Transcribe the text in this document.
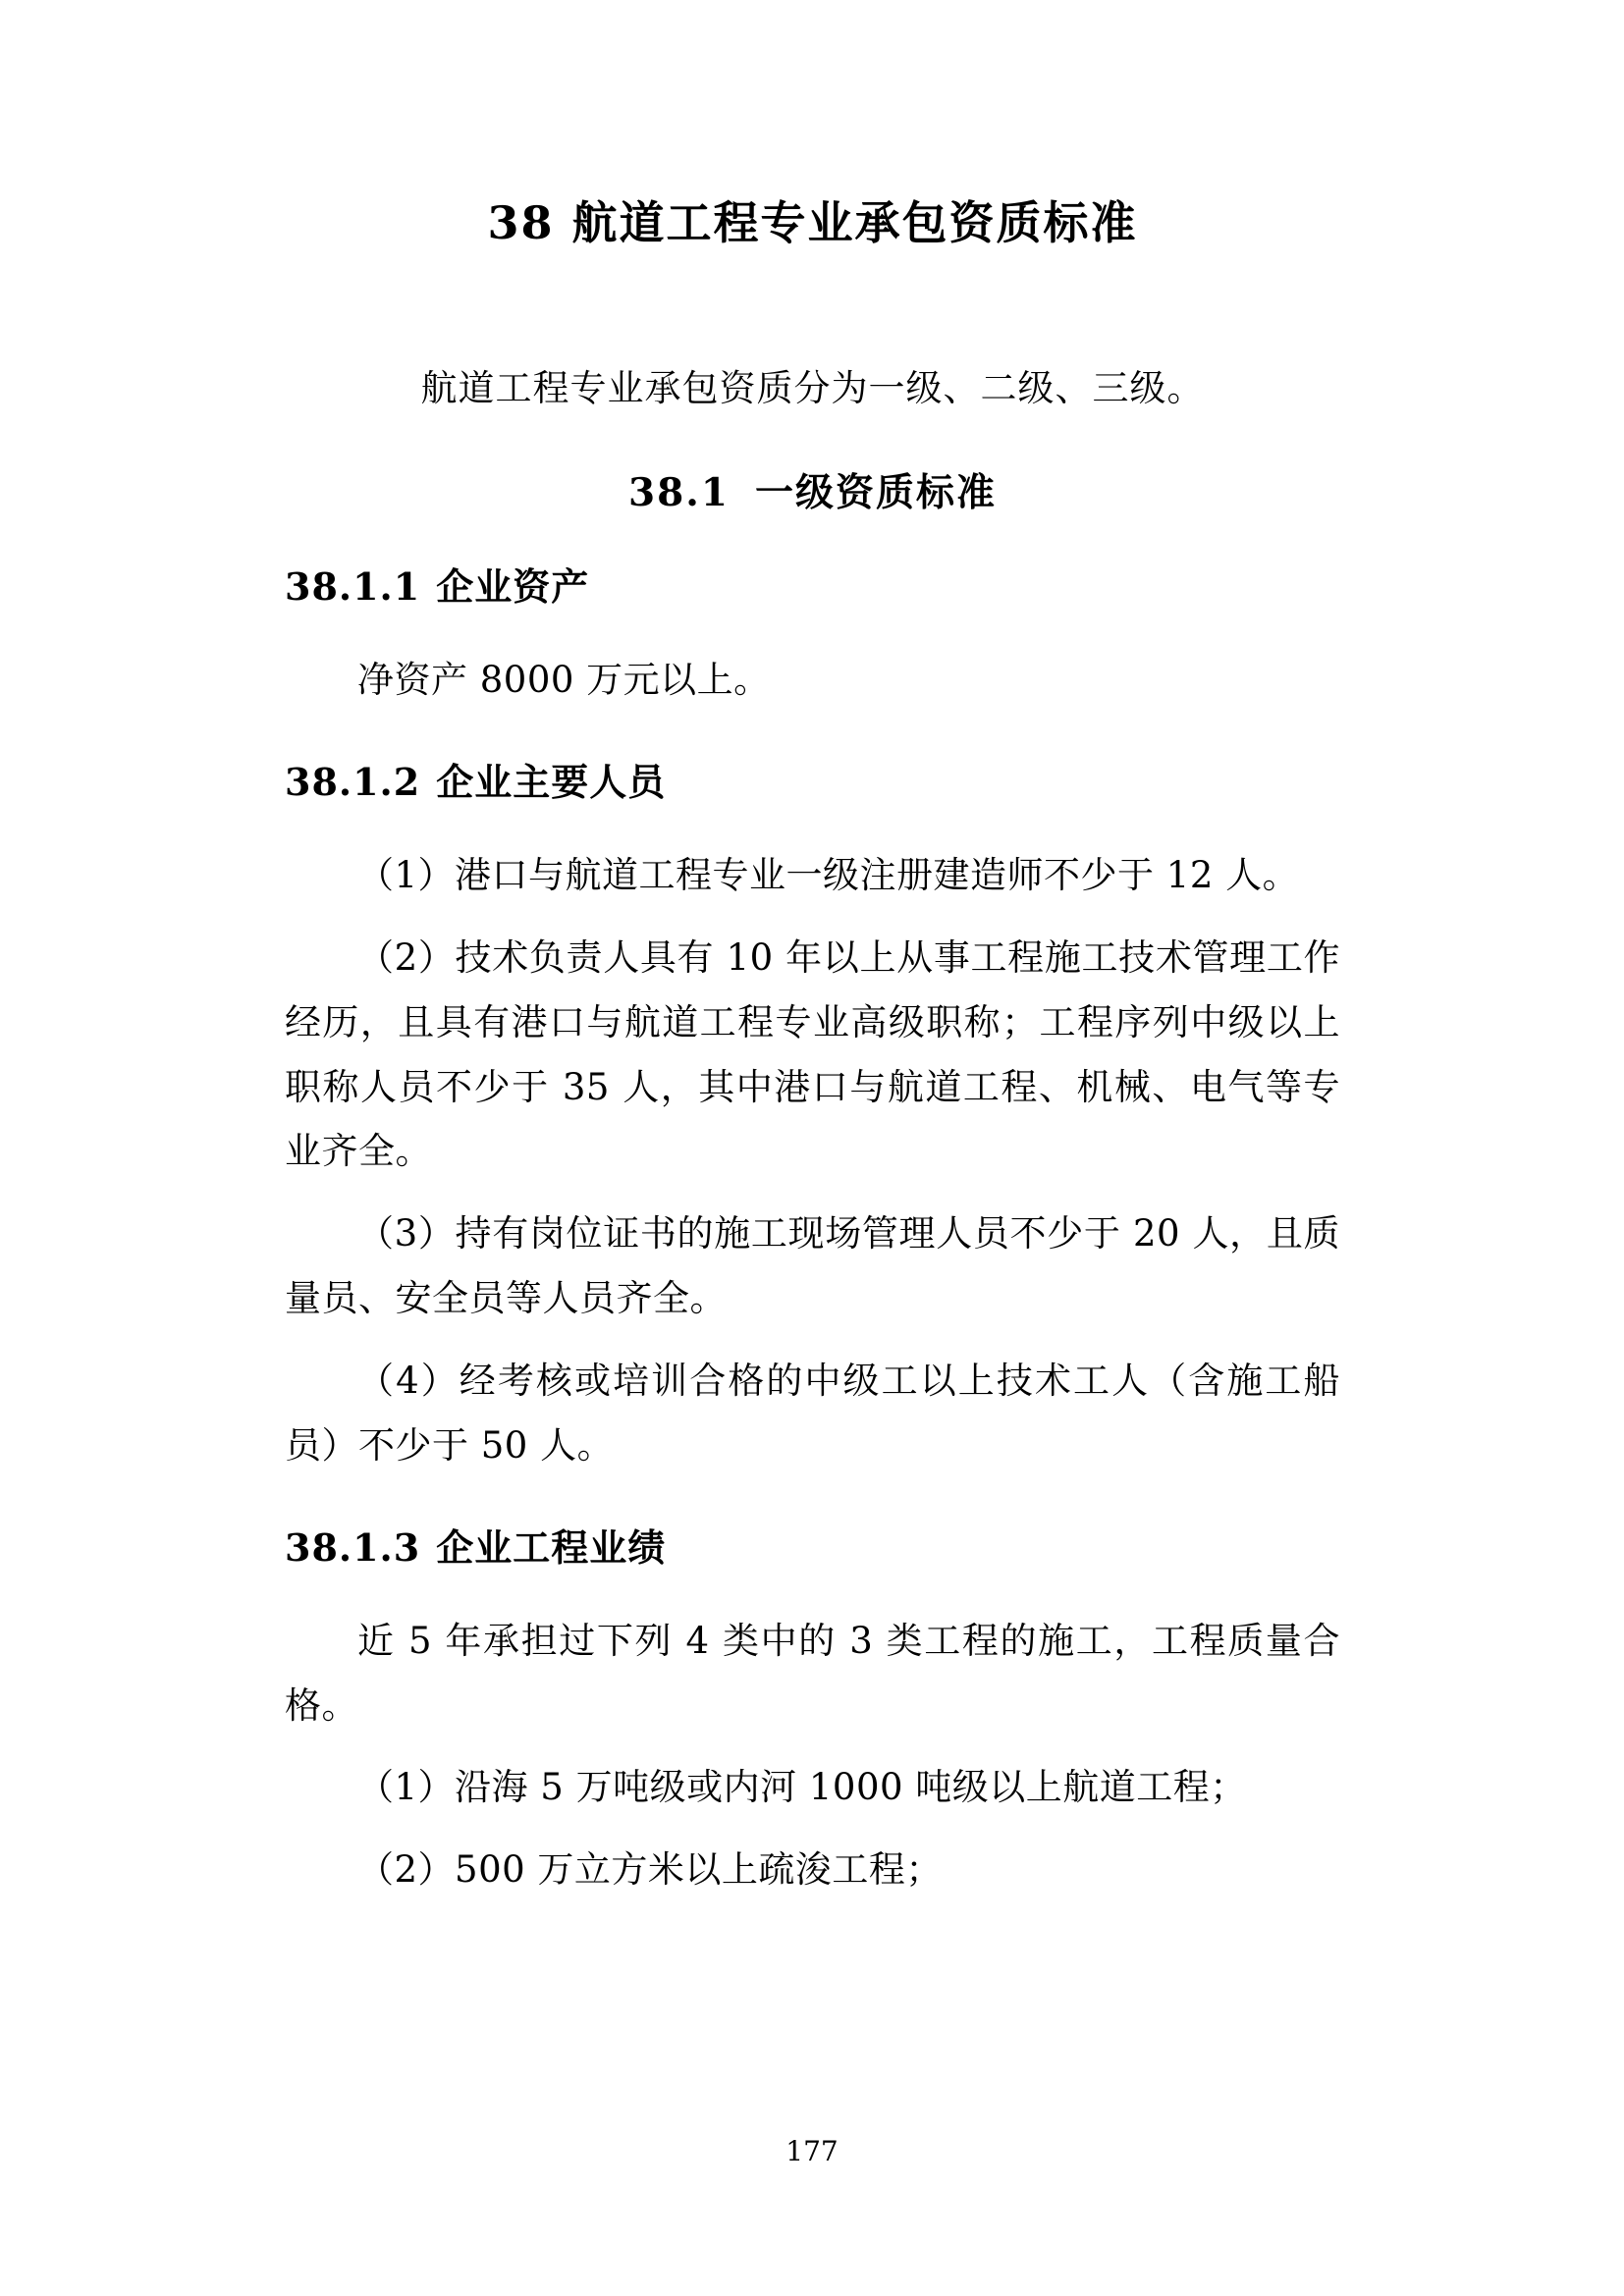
38 航道工程专业承包资质标准

航道工程专业承包资质分为一级、二级、三级。

38.1 一级资质标准
38.1.1 企业资产

净资产 8000 万元以上。

38.1.2 企业主要人员

（1）港口与航道工程专业一级注册建造师不少于 12 人。

（2）技术负责人具有 10 年以上从事工程施工技术管理工作经历，且具有港口与航道工程专业高级职称；工程序列中级以上职称人员不少于 35 人，其中港口与航道工程、机械、电气等专业齐全。

（3）持有岗位证书的施工现场管理人员不少于 20 人，且质量员、安全员等人员齐全。

（4）经考核或培训合格的中级工以上技术工人（含施工船员）不少于 50 人。

38.1.3 企业工程业绩

近 5 年承担过下列 4 类中的 3 类工程的施工，工程质量合格。

（1）沿海 5 万吨级或内河 1000 吨级以上航道工程；

（2）500 万立方米以上疏浚工程；

177
